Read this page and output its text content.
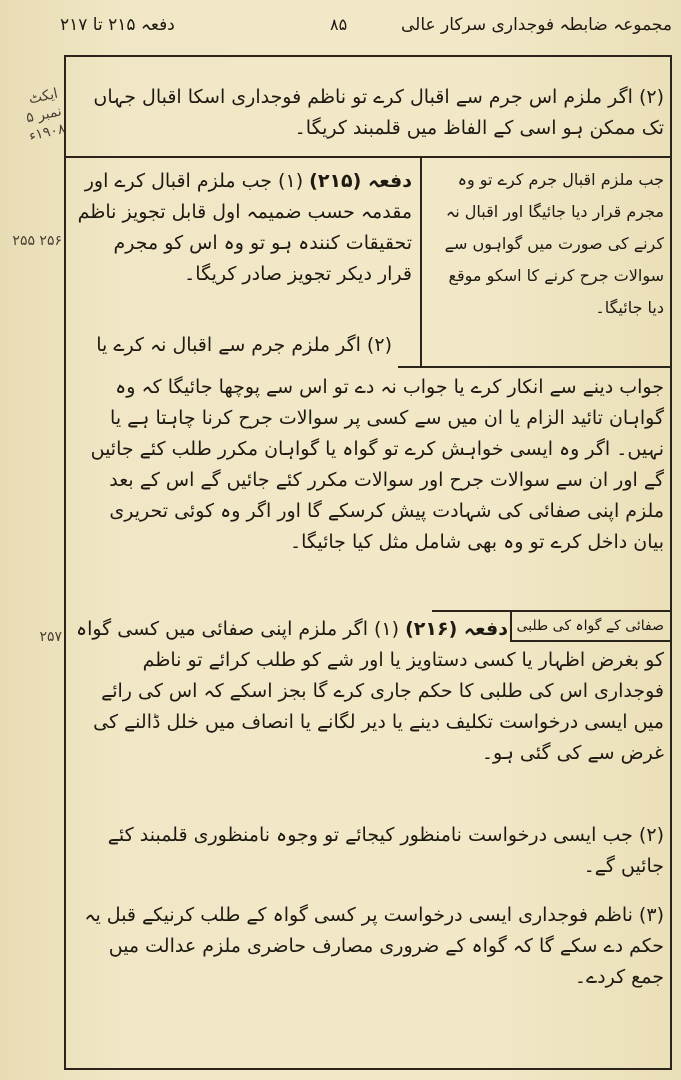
دفعہ ۲۱۵ تا ۲۱۷	۸۵	مجموعہ ضابطہ فوجداری سرکار عالی
ایکٹ نمبر ۵ ۱۹۰۸ء
۲۵۵ ۲۵۶
۲۵۷
(۲) اگر ملزم اس جرم سے اقبال کرے تو ناظم فوجداری اسکا اقبال جہاں تک ممکن ہو اسی کے الفاظ میں قلمبند کریگا۔
جب ملزم اقبال جرم کرے تو وہ مجرم قرار دیا جائیگا اور اقبال نہ کرنے کی صورت میں گواہوں سے سوالات جرح کرنے کا اسکو موقع دیا جائیگا۔
دفعہ (۲۱۵) (۱) جب ملزم اقبال کرے اور مقدمہ حسب ضمیمہ اول قابل تجویز ناظم تحقیقات کنندہ ہو تو وہ اس کو مجرم قرار دیکر تجویز صادر کریگا۔
(۲) اگر ملزم جرم سے اقبال نہ کرے یا
جواب دینے سے انکار کرے یا جواب نہ دے تو اس سے پوچھا جائیگا کہ وہ گواہان تائید الزام یا ان میں سے کسی پر سوالات جرح کرنا چاہتا ہے یا نہیں۔ اگر وہ ایسی خواہش کرے تو گواہ یا گواہان مکرر طلب کئے جائیں گے اور ان سے سوالات جرح اور سوالات مکرر کئے جائیں گے اس کے بعد ملزم اپنی صفائی کی شہادت پیش کرسکے گا اور اگر وہ کوئی تحریری بیان داخل کرے تو وہ بھی شامل مثل کیا جائیگا۔
صفائی کے گواہ کی طلبی
دفعہ (۲۱۶) (۱) اگر ملزم اپنی صفائی میں کسی گواہ کو بغرض اظہار یا کسی دستاویز یا اور شے کو طلب کرائے تو ناظم فوجداری اس کی طلبی کا حکم جاری کرے گا بجز اسکے کہ اس کی رائے میں ایسی درخواست تکلیف دینے یا دیر لگانے یا انصاف میں خلل ڈالنے کی غرض سے کی گئی ہو۔
(۲) جب ایسی درخواست نامنظور کیجائے تو وجوہ نامنظوری قلمبند کئے جائیں گے۔
(۳) ناظم فوجداری ایسی درخواست پر کسی گواہ کے طلب کرنیکے قبل یہ حکم دے سکے گا کہ گواہ کے ضروری مصارف حاضری ملزم عدالت میں جمع کردے۔
